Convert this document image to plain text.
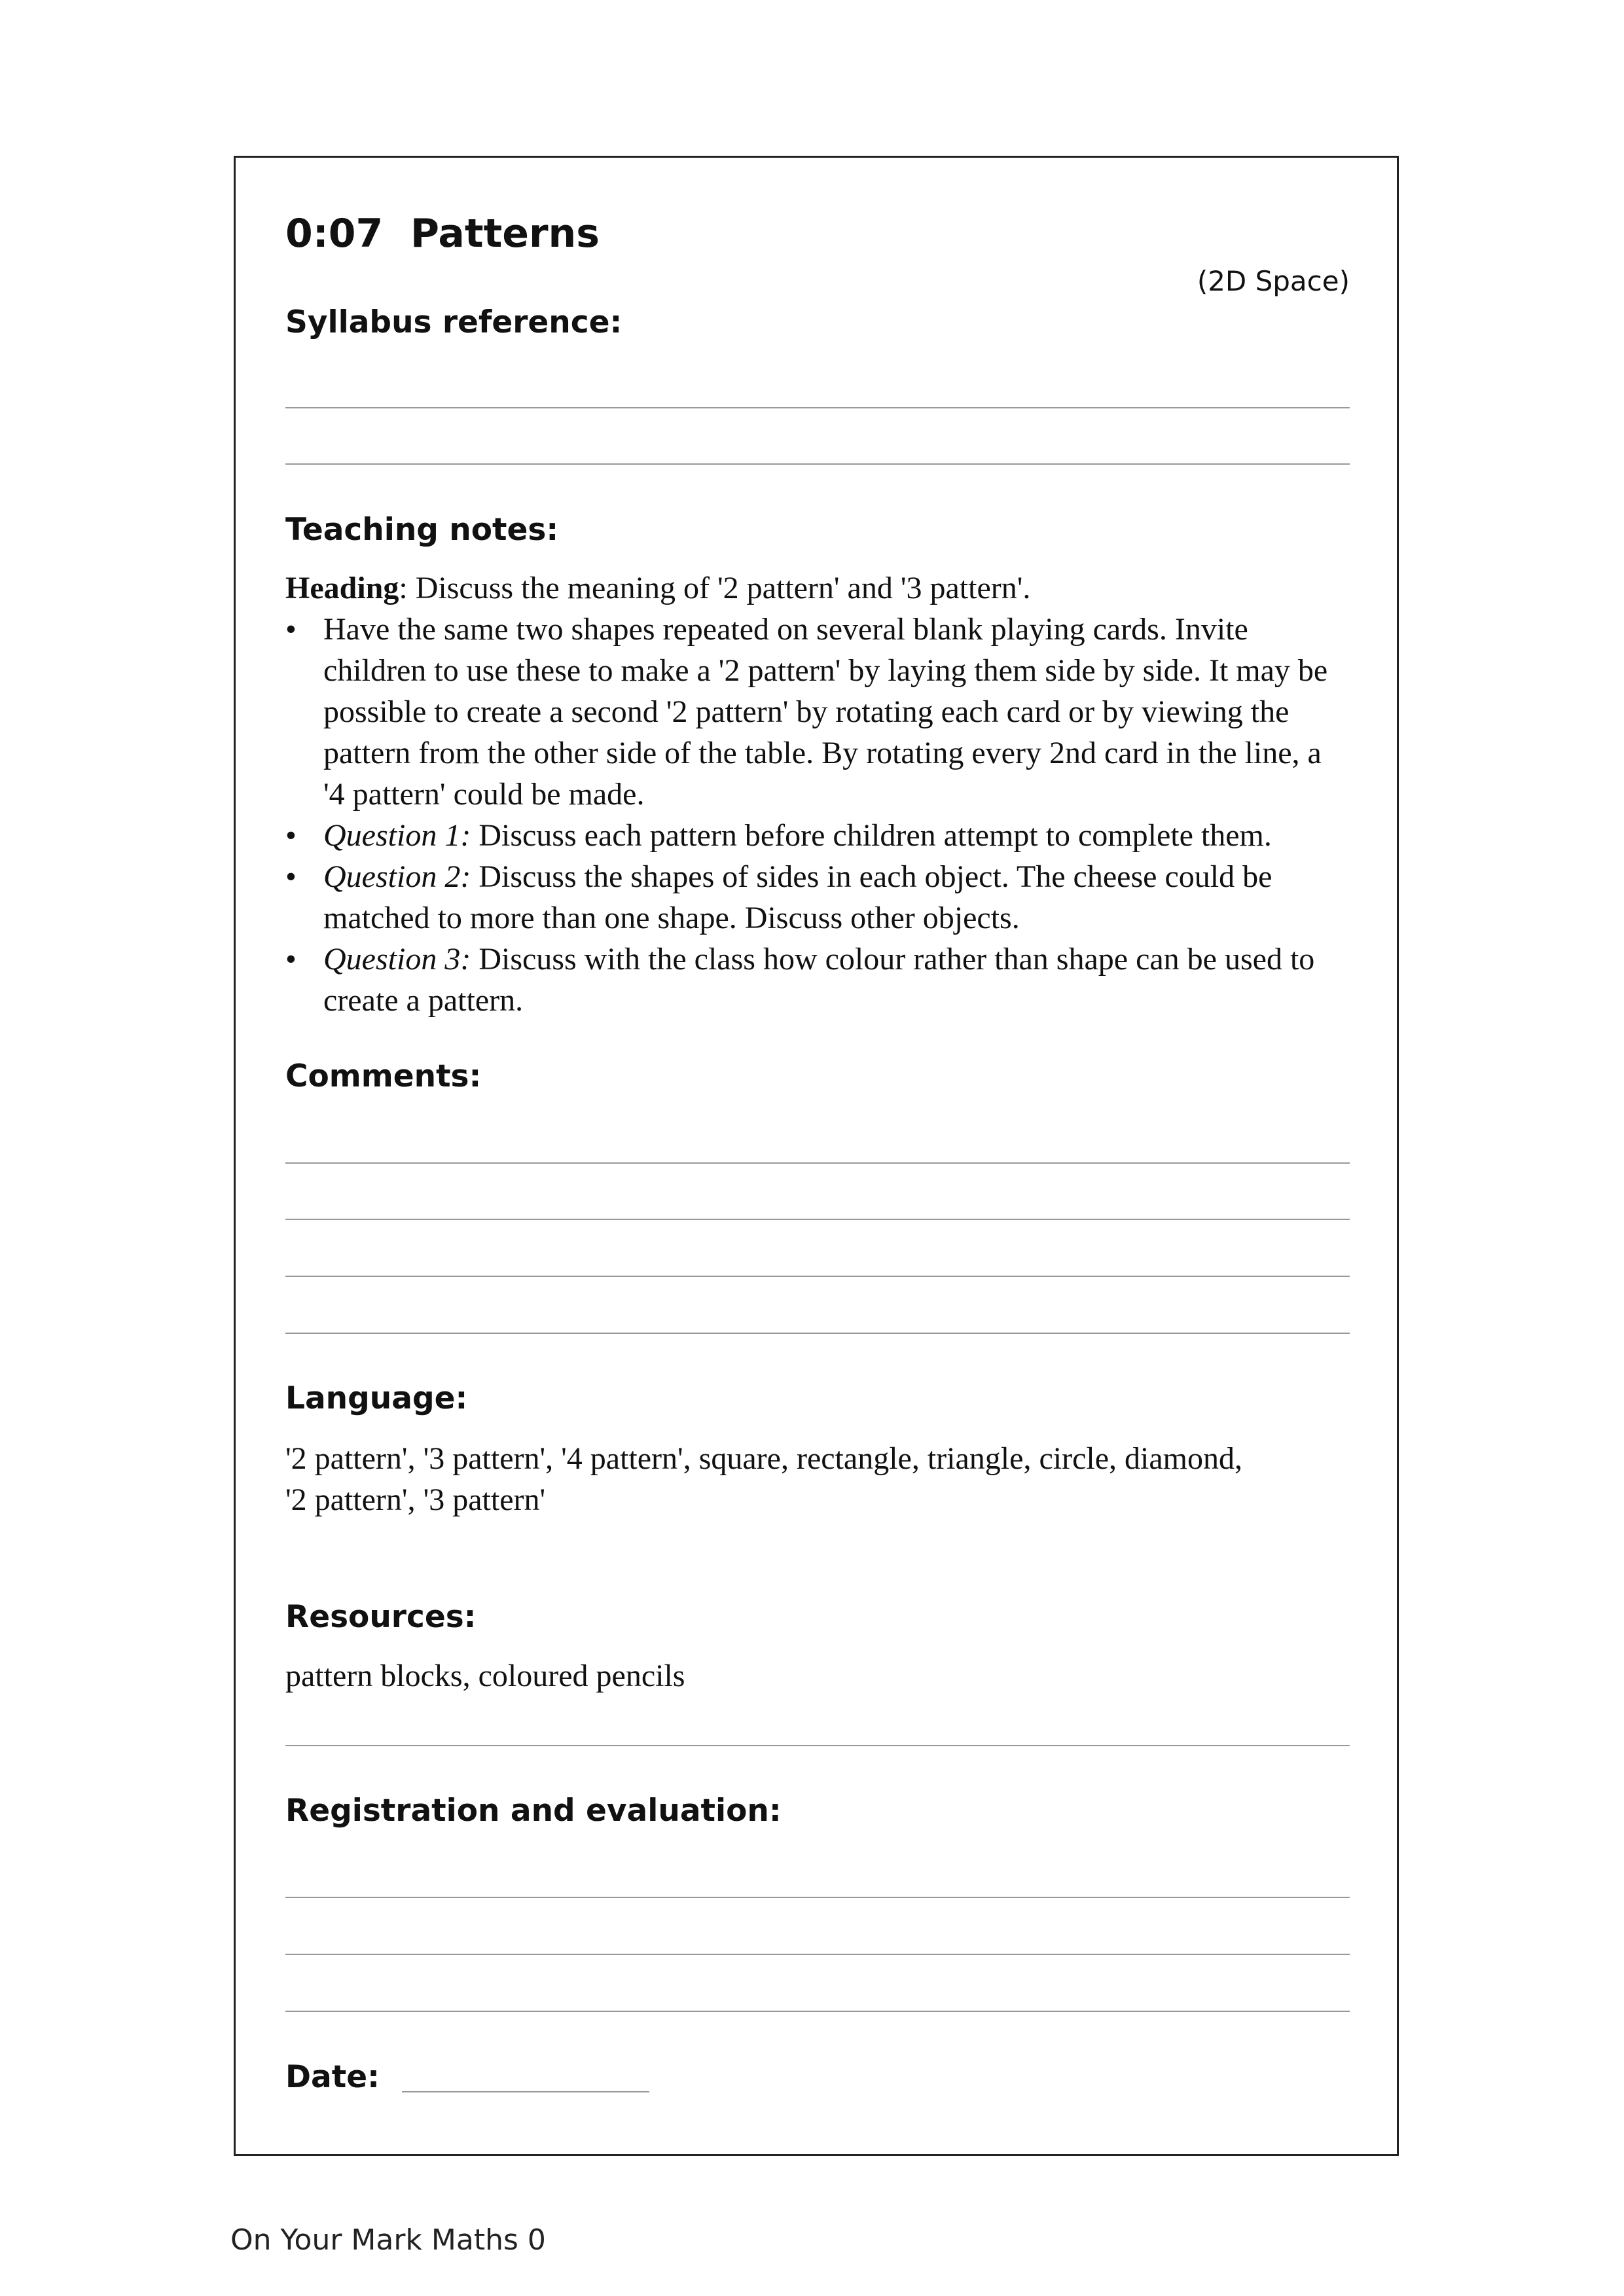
0:07 Patterns
(2D Space)
Syllabus reference:
Teaching notes:

Heading: Discuss the meaning of '2 pattern' and '3 pattern'.

• Have the same two shapes repeated on several blank playing cards. Invite children to use these to make a '2 pattern' by laying them side by side. It may be possible to create a second '2 pattern' by rotating each card or by viewing the pattern from the other side of the table. By rotating every 2nd card in the line, a '4 pattern' could be made.
• Question 1: Discuss each pattern before children attempt to complete them.
• Question 2: Discuss the shapes of sides in each object. The cheese could be matched to more than one shape. Discuss other objects.
• Question 3: Discuss with the class how colour rather than shape can be used to create a pattern.
Comments:
Language:
'2 pattern', '3 pattern', '4 pattern', square, rectangle, triangle, circle, diamond,
'2 pattern', '3 pattern'
Resources:
pattern blocks, coloured pencils
Registration and evaluation:
Date:
On Your Mark Maths 0
